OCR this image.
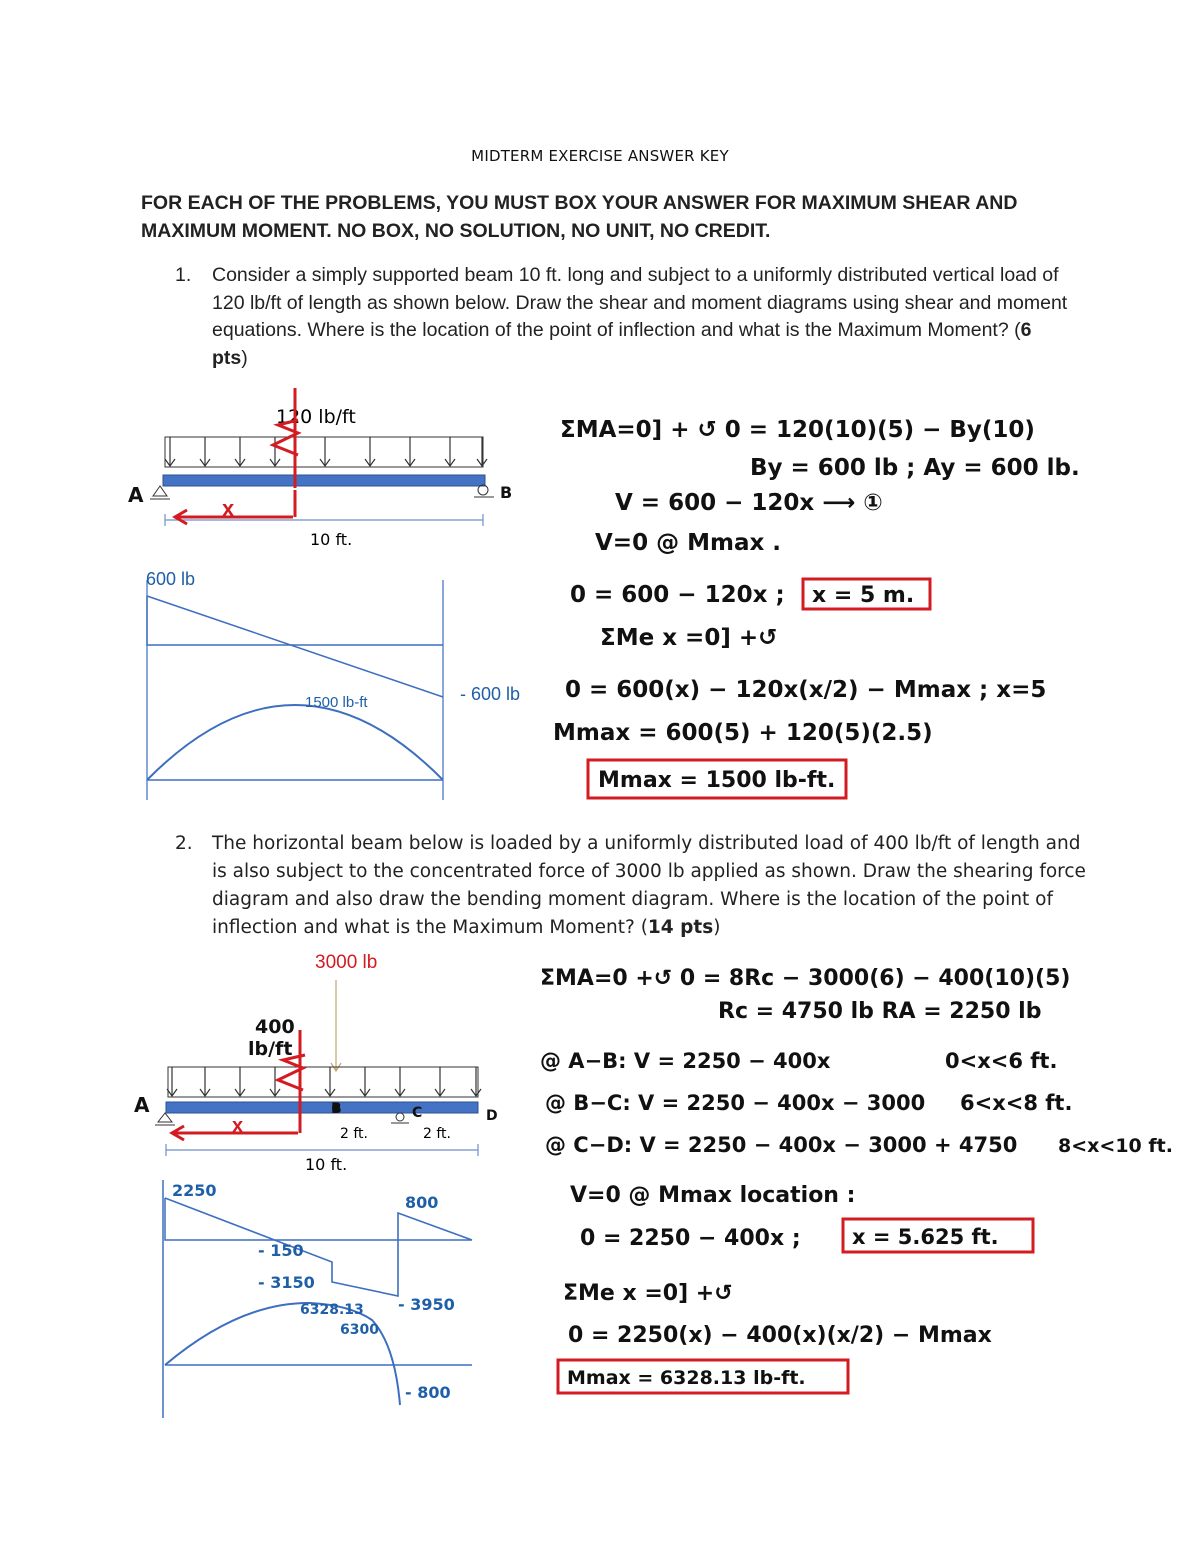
MIDTERM EXERCISE ANSWER KEY
FOR EACH OF THE PROBLEMS, YOU MUST BOX YOUR ANSWER FOR MAXIMUM SHEAR AND MAXIMUM MOMENT. NO BOX, NO SOLUTION, NO UNIT, NO CREDIT.
1. Consider a simply supported beam 10 ft. long and subject to a uniformly distributed vertical load of 120 lb/ft of length as shown below. Draw the shear and moment diagrams using shear and moment equations. Where is the location of the point of inflection and what is the Maximum Moment? (6 pts)
2. The horizontal beam below is loaded by a uniformly distributed load of 400 lb/ft of length and is also subject to the concentrated force of 3000 lb applied as shown. Draw the shearing force diagram and also draw the bending moment diagram. Where is the location of the point of inflection and what is the Maximum Moment? (14 pts)
A	B
10 ft.
120 lb/ft
x
600 lb
- 600 lb
1500 lb-ft
ΣMA=0] + ↺ 0 = 120(10)(5) − By(10)
By = 600 lb ; Ay = 600 lb.
V = 600 − 120x ⟶ ①
V=0 @ Mmax .
0 = 600 − 120x ; x = 5 m.
ΣMe x =0] +↺
0 = 600(x) − 120x(x/2) − Mmax ; x=5
Mmax = 600(5) + 120(5)(2.5)
Mmax = 1500 lb-ft.
3000 lb
400
lb/ft
A	B	C	D
2 ft.	2 ft.
10 ft.
x
2250
800
- 150
- 3150
- 3950
6328.13
6300
- 800
ΣMA=0 +↺ 0 = 8Rc − 3000(6) − 400(10)(5)
Rc = 4750 lb RA = 2250 lb
@ A−B: V = 2250 − 400x	0<x<6 ft.
@ B−C: V = 2250 − 400x − 3000 6<x<8 ft.
@ C−D: V = 2250 − 400x − 3000 + 4750 8<x<10 ft.
V=0 @ Mmax location :
0 = 2250 − 400x ; x = 5.625 ft.
ΣMe x =0] +↺
0 = 2250(x) − 400(x)(x/2) − Mmax
Mmax = 6328.13 lb-ft.
